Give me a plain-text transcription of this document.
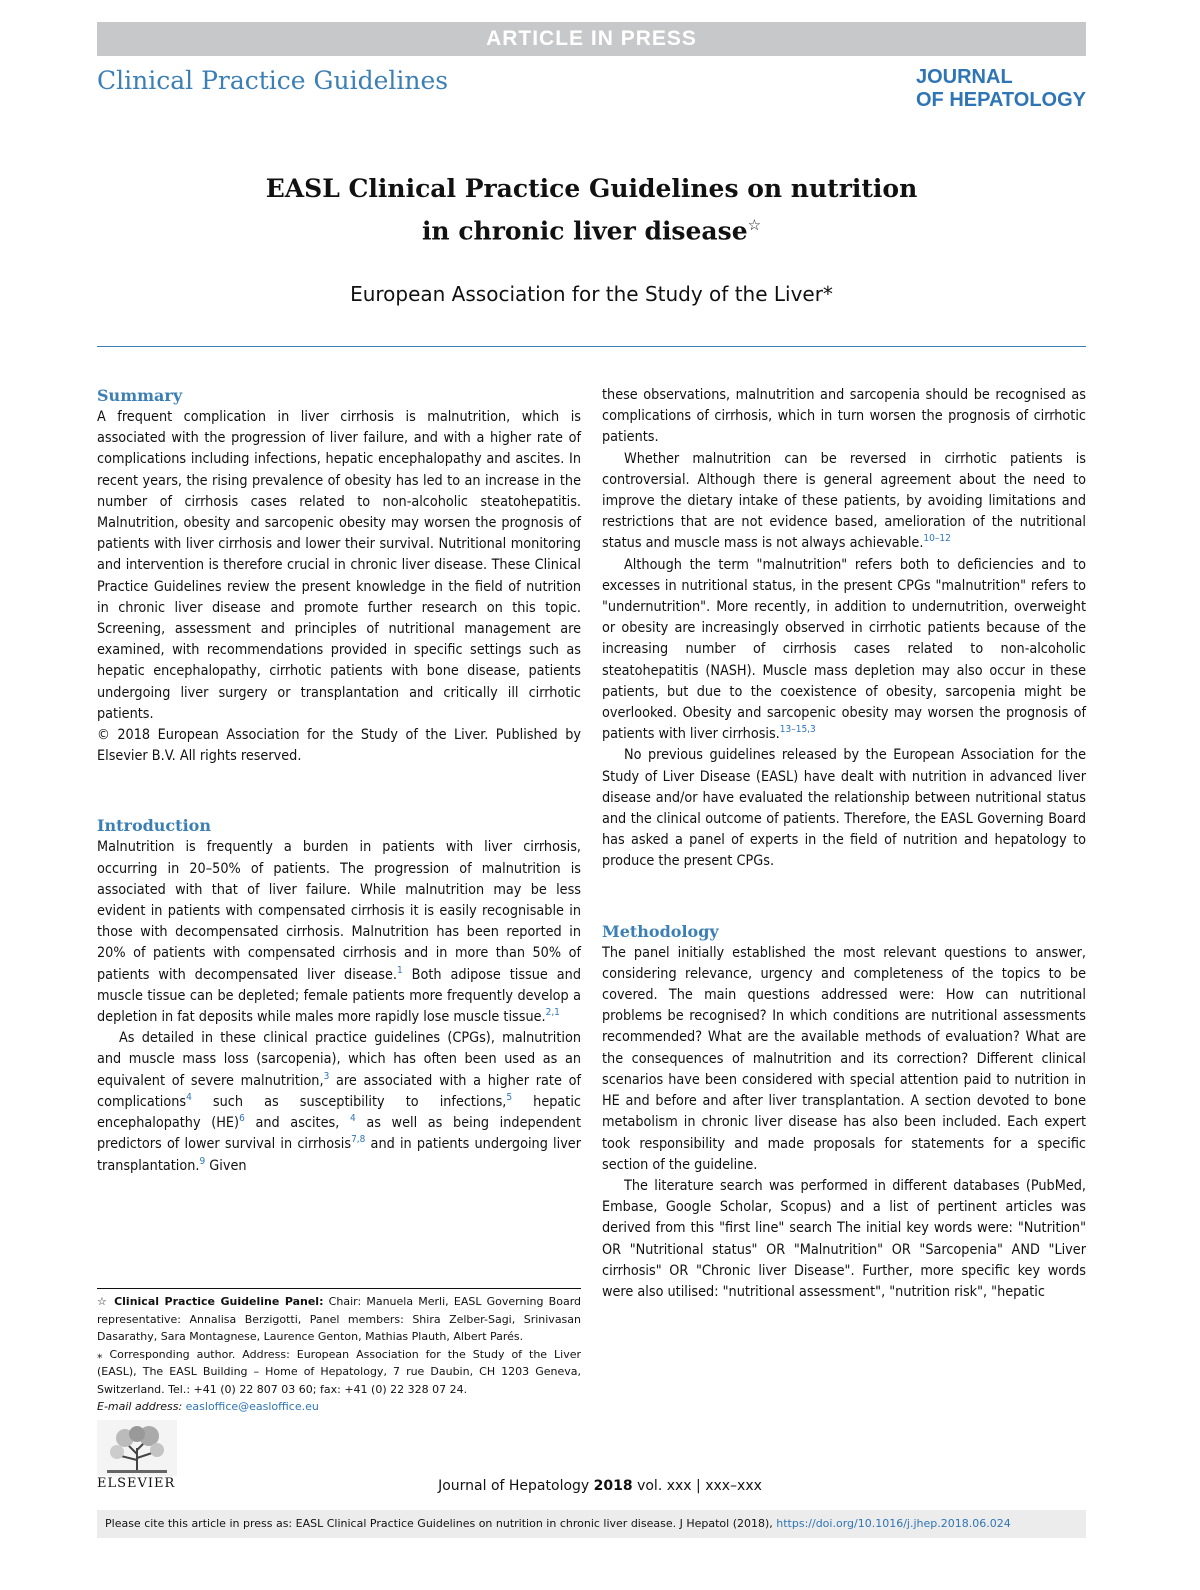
ARTICLE IN PRESS
Clinical Practice Guidelines	JOURNAL
OF HEPATOLOGY
EASL Clinical Practice Guidelines on nutrition
in chronic liver disease☆
European Association for the Study of the Liver*
Summary

A frequent complication in liver cirrhosis is malnutrition, which is associated with the progression of liver failure, and with a higher rate of complications including infections, hepatic encephalopathy and ascites. In recent years, the rising prevalence of obesity has led to an increase in the number of cirrhosis cases related to non-alcoholic steatohepatitis. Malnutrition, obesity and sarcopenic obesity may worsen the prognosis of patients with liver cirrhosis and lower their survival. Nutritional monitoring and intervention is therefore crucial in chronic liver disease. These Clinical Practice Guidelines review the present knowledge in the field of nutrition in chronic liver disease and promote further research on this topic. Screening, assessment and principles of nutritional management are examined, with recommendations provided in specific settings such as hepatic encephalopathy, cirrhotic patients with bone disease, patients undergoing liver surgery or transplantation and critically ill cirrhotic patients.

© 2018 European Association for the Study of the Liver. Published by Elsevier B.V. All rights reserved.

Introduction

Malnutrition is frequently a burden in patients with liver cirrhosis, occurring in 20–50% of patients. The progression of malnutrition is associated with that of liver failure. While malnutrition may be less evident in patients with compensated cirrhosis it is easily recognisable in those with decompensated cirrhosis. Malnutrition has been reported in 20% of patients with compensated cirrhosis and in more than 50% of patients with decompensated liver disease.$^1$ Both adipose tissue and muscle tissue can be depleted; female patients more frequently develop a depletion in fat deposits while males more rapidly lose muscle tissue.$^{2,1}$

As detailed in these clinical practice guidelines (CPGs), malnutrition and muscle mass loss (sarcopenia), which has often been used as an equivalent of severe malnutrition,$^3$ are associated with a higher rate of complications$^4$ such as susceptibility to infections,$^5$ hepatic encephalopathy (HE)$^6$ and ascites, $^4$ as well as being independent predictors of lower survival in cirrhosis$^{7,8}$ and in patients undergoing liver transplantation.$^9$ Given

these observations, malnutrition and sarcopenia should be recognised as complications of cirrhosis, which in turn worsen the prognosis of cirrhotic patients.

Whether malnutrition can be reversed in cirrhotic patients is controversial. Although there is general agreement about the need to improve the dietary intake of these patients, by avoiding limitations and restrictions that are not evidence based, amelioration of the nutritional status and muscle mass is not always achievable.$^{10-12}$

Although the term "malnutrition" refers both to deficiencies and to excesses in nutritional status, in the present CPGs "malnutrition" refers to "undernutrition". More recently, in addition to undernutrition, overweight or obesity are increasingly observed in cirrhotic patients because of the increasing number of cirrhosis cases related to non-alcoholic steatohepatitis (NASH). Muscle mass depletion may also occur in these patients, but due to the coexistence of obesity, sarcopenia might be overlooked. Obesity and sarcopenic obesity may worsen the prognosis of patients with liver cirrhosis.$^{13-15,3}$

No previous guidelines released by the European Association for the Study of Liver Disease (EASL) have dealt with nutrition in advanced liver disease and/or have evaluated the relationship between nutritional status and the clinical outcome of patients. Therefore, the EASL Governing Board has asked a panel of experts in the field of nutrition and hepatology to produce the present CPGs.

Methodology

The panel initially established the most relevant questions to answer, considering relevance, urgency and completeness of the topics to be covered. The main questions addressed were: How can nutritional problems be recognised? In which conditions are nutritional assessments recommended? What are the available methods of evaluation? What are the consequences of malnutrition and its correction? Different clinical scenarios have been considered with special attention paid to nutrition in HE and before and after liver transplantation. A section devoted to bone metabolism in chronic liver disease has also been included. Each expert took responsibility and made proposals for statements for a specific section of the guideline.

The literature search was performed in different databases (PubMed, Embase, Google Scholar, Scopus) and a list of pertinent articles was derived from this "first line" search The initial key words were: "Nutrition" OR "Nutritional status" OR "Malnutrition" OR "Sarcopenia" AND "Liver cirrhosis" OR "Chronic liver Disease". Further, more specific key words were also utilised: "nutritional assessment", "nutrition risk", "hepatic

☆ Clinical Practice Guideline Panel: Chair: Manuela Merli, EASL Governing Board representative: Annalisa Berzigotti, Panel members: Shira Zelber-Sagi, Srinivasan Dasarathy, Sara Montagnese, Laurence Genton, Mathias Plauth, Albert Parés.

⁎ Corresponding author. Address: European Association for the Study of the Liver (EASL), The EASL Building – Home of Hepatology, 7 rue Daubin, CH 1203 Geneva, Switzerland. Tel.: +41 (0) 22 807 03 60; fax: +41 (0) 22 328 07 24.

E-mail address: easloffice@easloffice.eu

ELSEVIER	Journal of Hepatology 2018 vol. xxx | xxx–xxx
Please cite this article in press as: EASL Clinical Practice Guidelines on nutrition in chronic liver disease. J Hepatol (2018), https://doi.org/10.1016/j.jhep.2018.06.024
